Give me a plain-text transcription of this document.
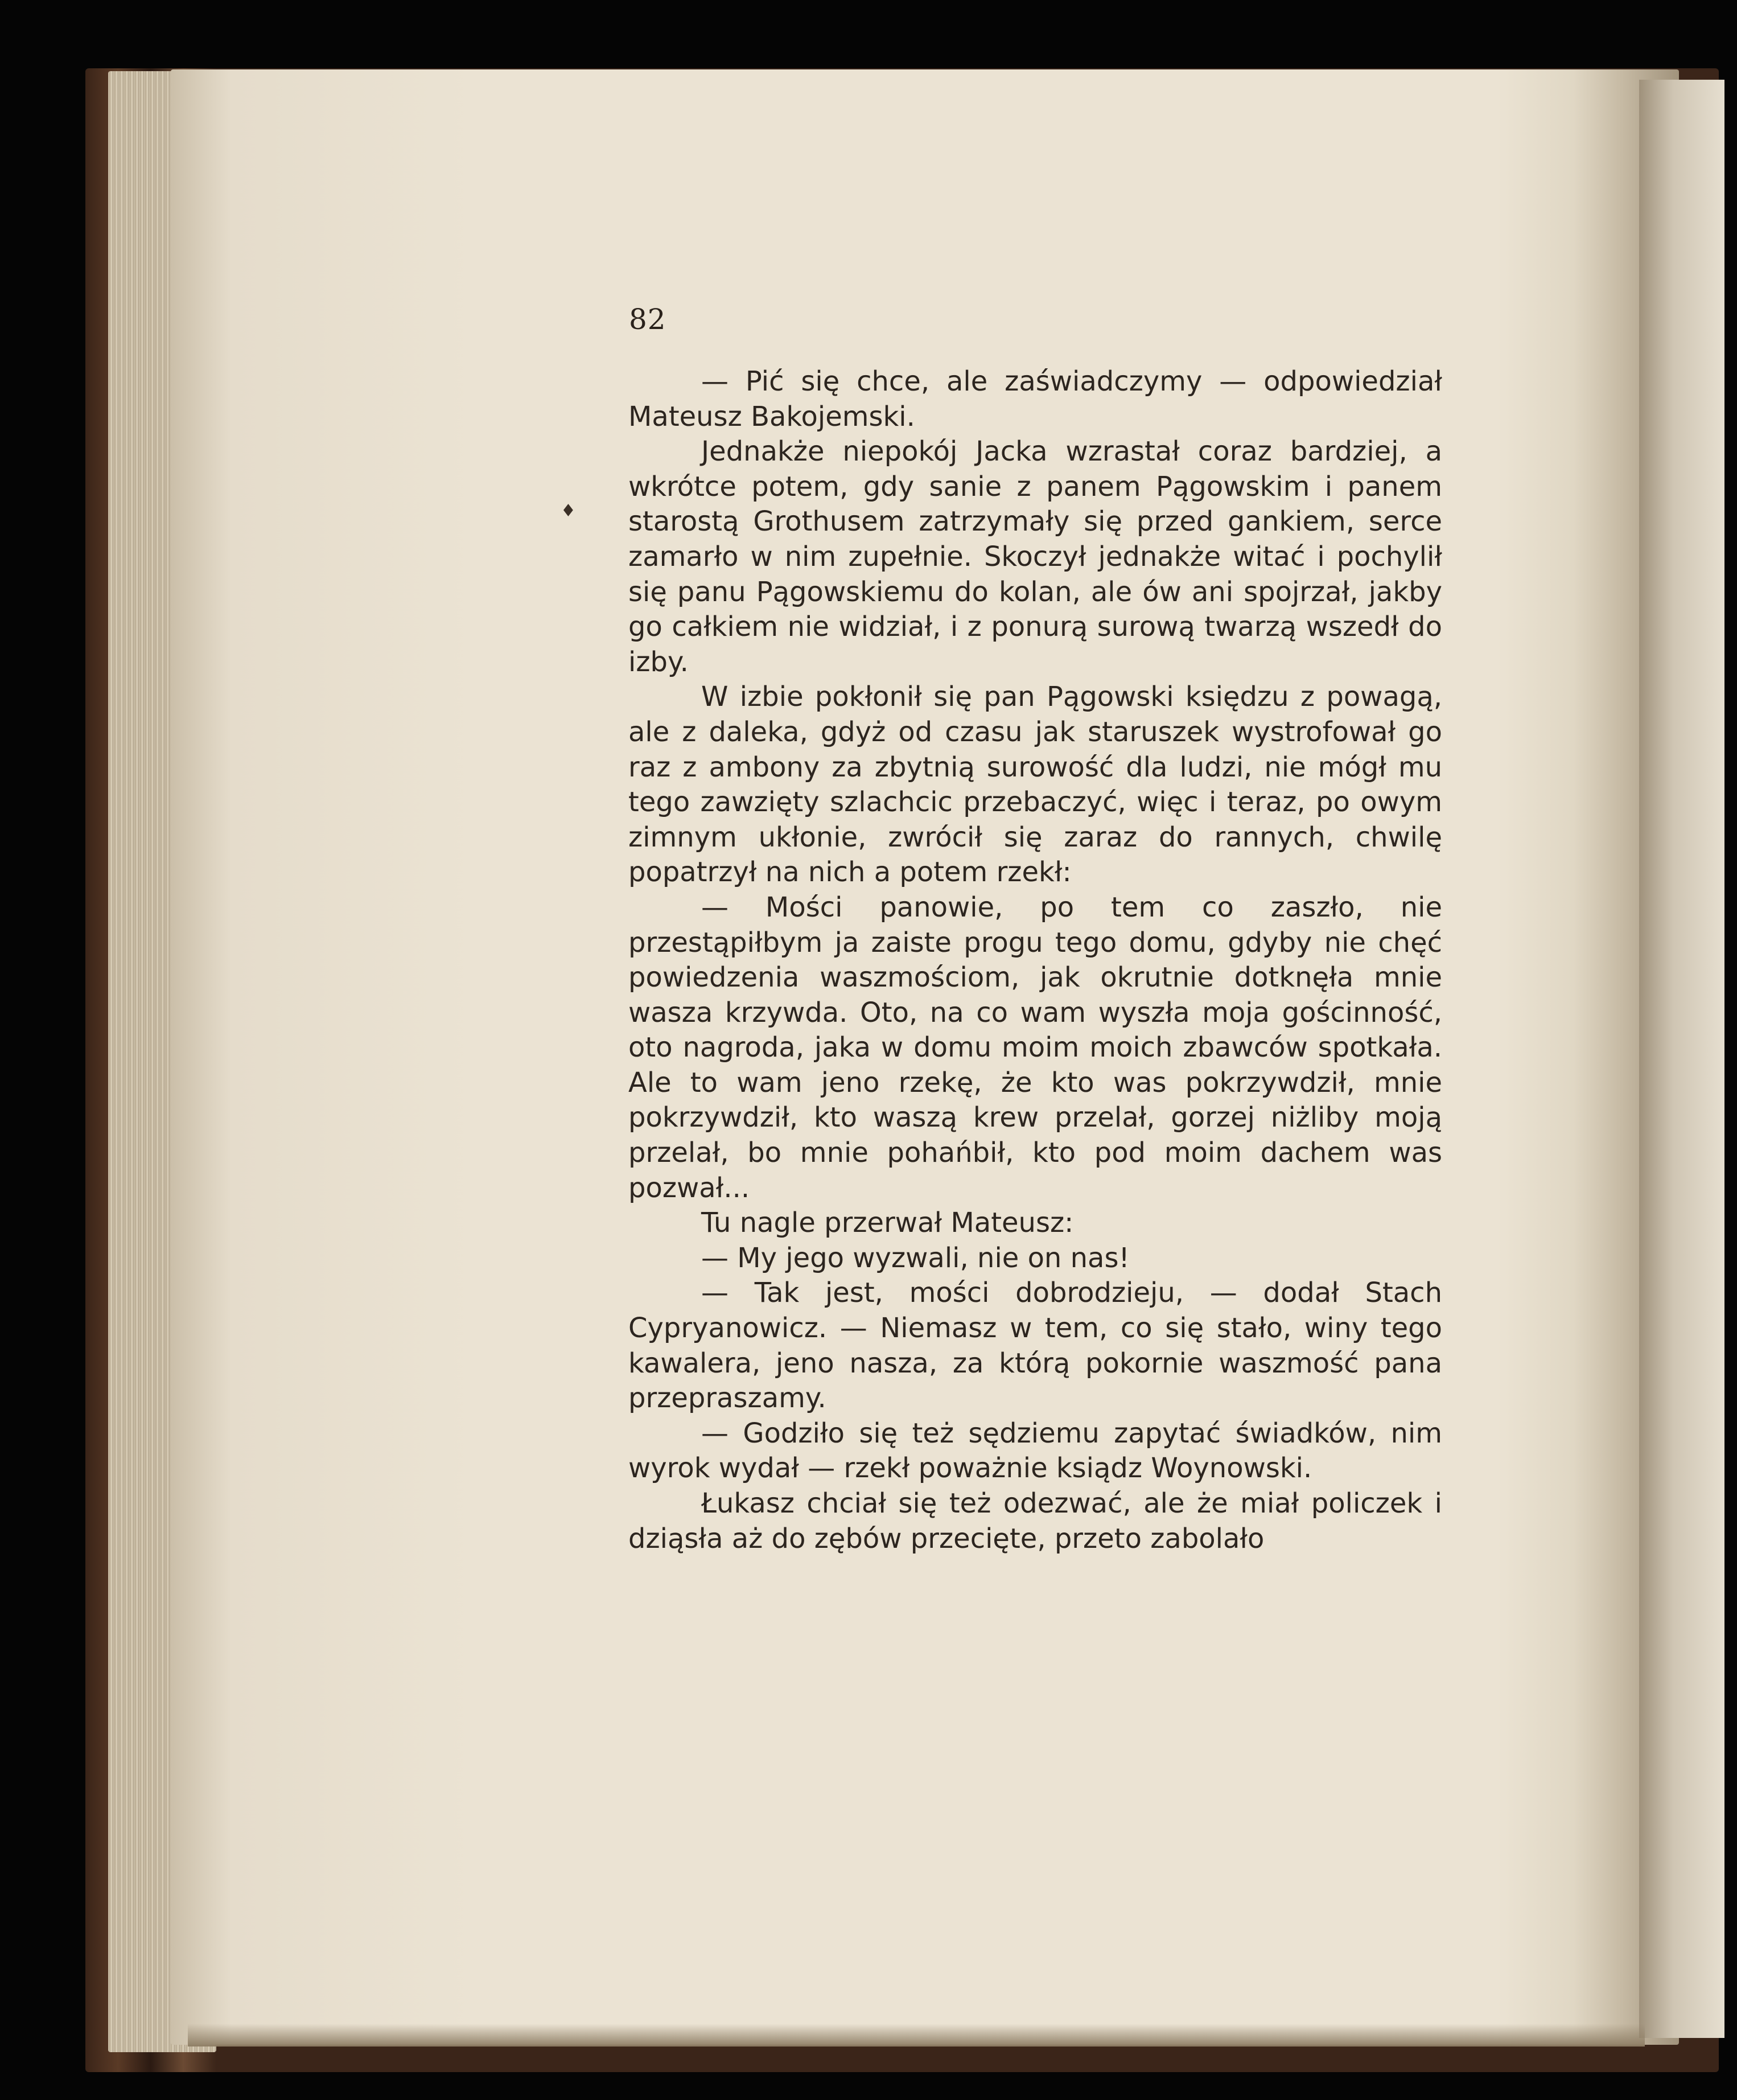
82
♦

— Pić się chce, ale zaświadczymy — odpowiedział Mateusz Bakojemski.

Jednakże niepokój Jacka wzrastał coraz bardziej, a wkrótce potem, gdy sanie z panem Pągowskim i panem starostą Grothusem zatrzymały się przed gankiem, serce zamarło w nim zupełnie. Skoczył jednakże witać i pochylił się panu Pągowskiemu do kolan, ale ów ani spojrzał, jakby go całkiem nie widział, i z ponurą surową twarzą wszedł do izby.

W izbie pokłonił się pan Pągowski księdzu z powagą, ale z daleka, gdyż od czasu jak staruszek wystrofował go raz z ambony za zbytnią surowość dla ludzi, nie mógł mu tego zawzięty szlachcic przebaczyć, więc i teraz, po owym zimnym ukłonie, zwrócił się zaraz do rannych, chwilę popatrzył na nich a potem rzekł:

— Mości panowie, po tem co zaszło, nie przestąpiłbym ja zaiste progu tego domu, gdyby nie chęć powiedzenia waszmościom, jak okrutnie dotknęła mnie wasza krzywda. Oto, na co wam wyszła moja gościnność, oto nagroda, jaka w domu moim moich zbawców spotkała. Ale to wam jeno rzekę, że kto was pokrzywdził, mnie pokrzywdził, kto waszą krew przelał, gorzej niżliby moją przelał, bo mnie pohańbił, kto pod moim dachem was pozwał...

Tu nagle przerwał Mateusz:

— My jego wyzwali, nie on nas!

— Tak jest, mości dobrodzieju, — dodał Stach Cypryanowicz. — Niemasz w tem, co się stało, winy tego kawalera, jeno nasza, za którą pokornie waszmość pana przepraszamy.

— Godziło się też sędziemu zapytać świadków, nim wyrok wydał — rzekł poważnie ksiądz Woynowski.

Łukasz chciał się też odezwać, ale że miał policzek i dziąsła aż do zębów przecięte, przeto zabolało
